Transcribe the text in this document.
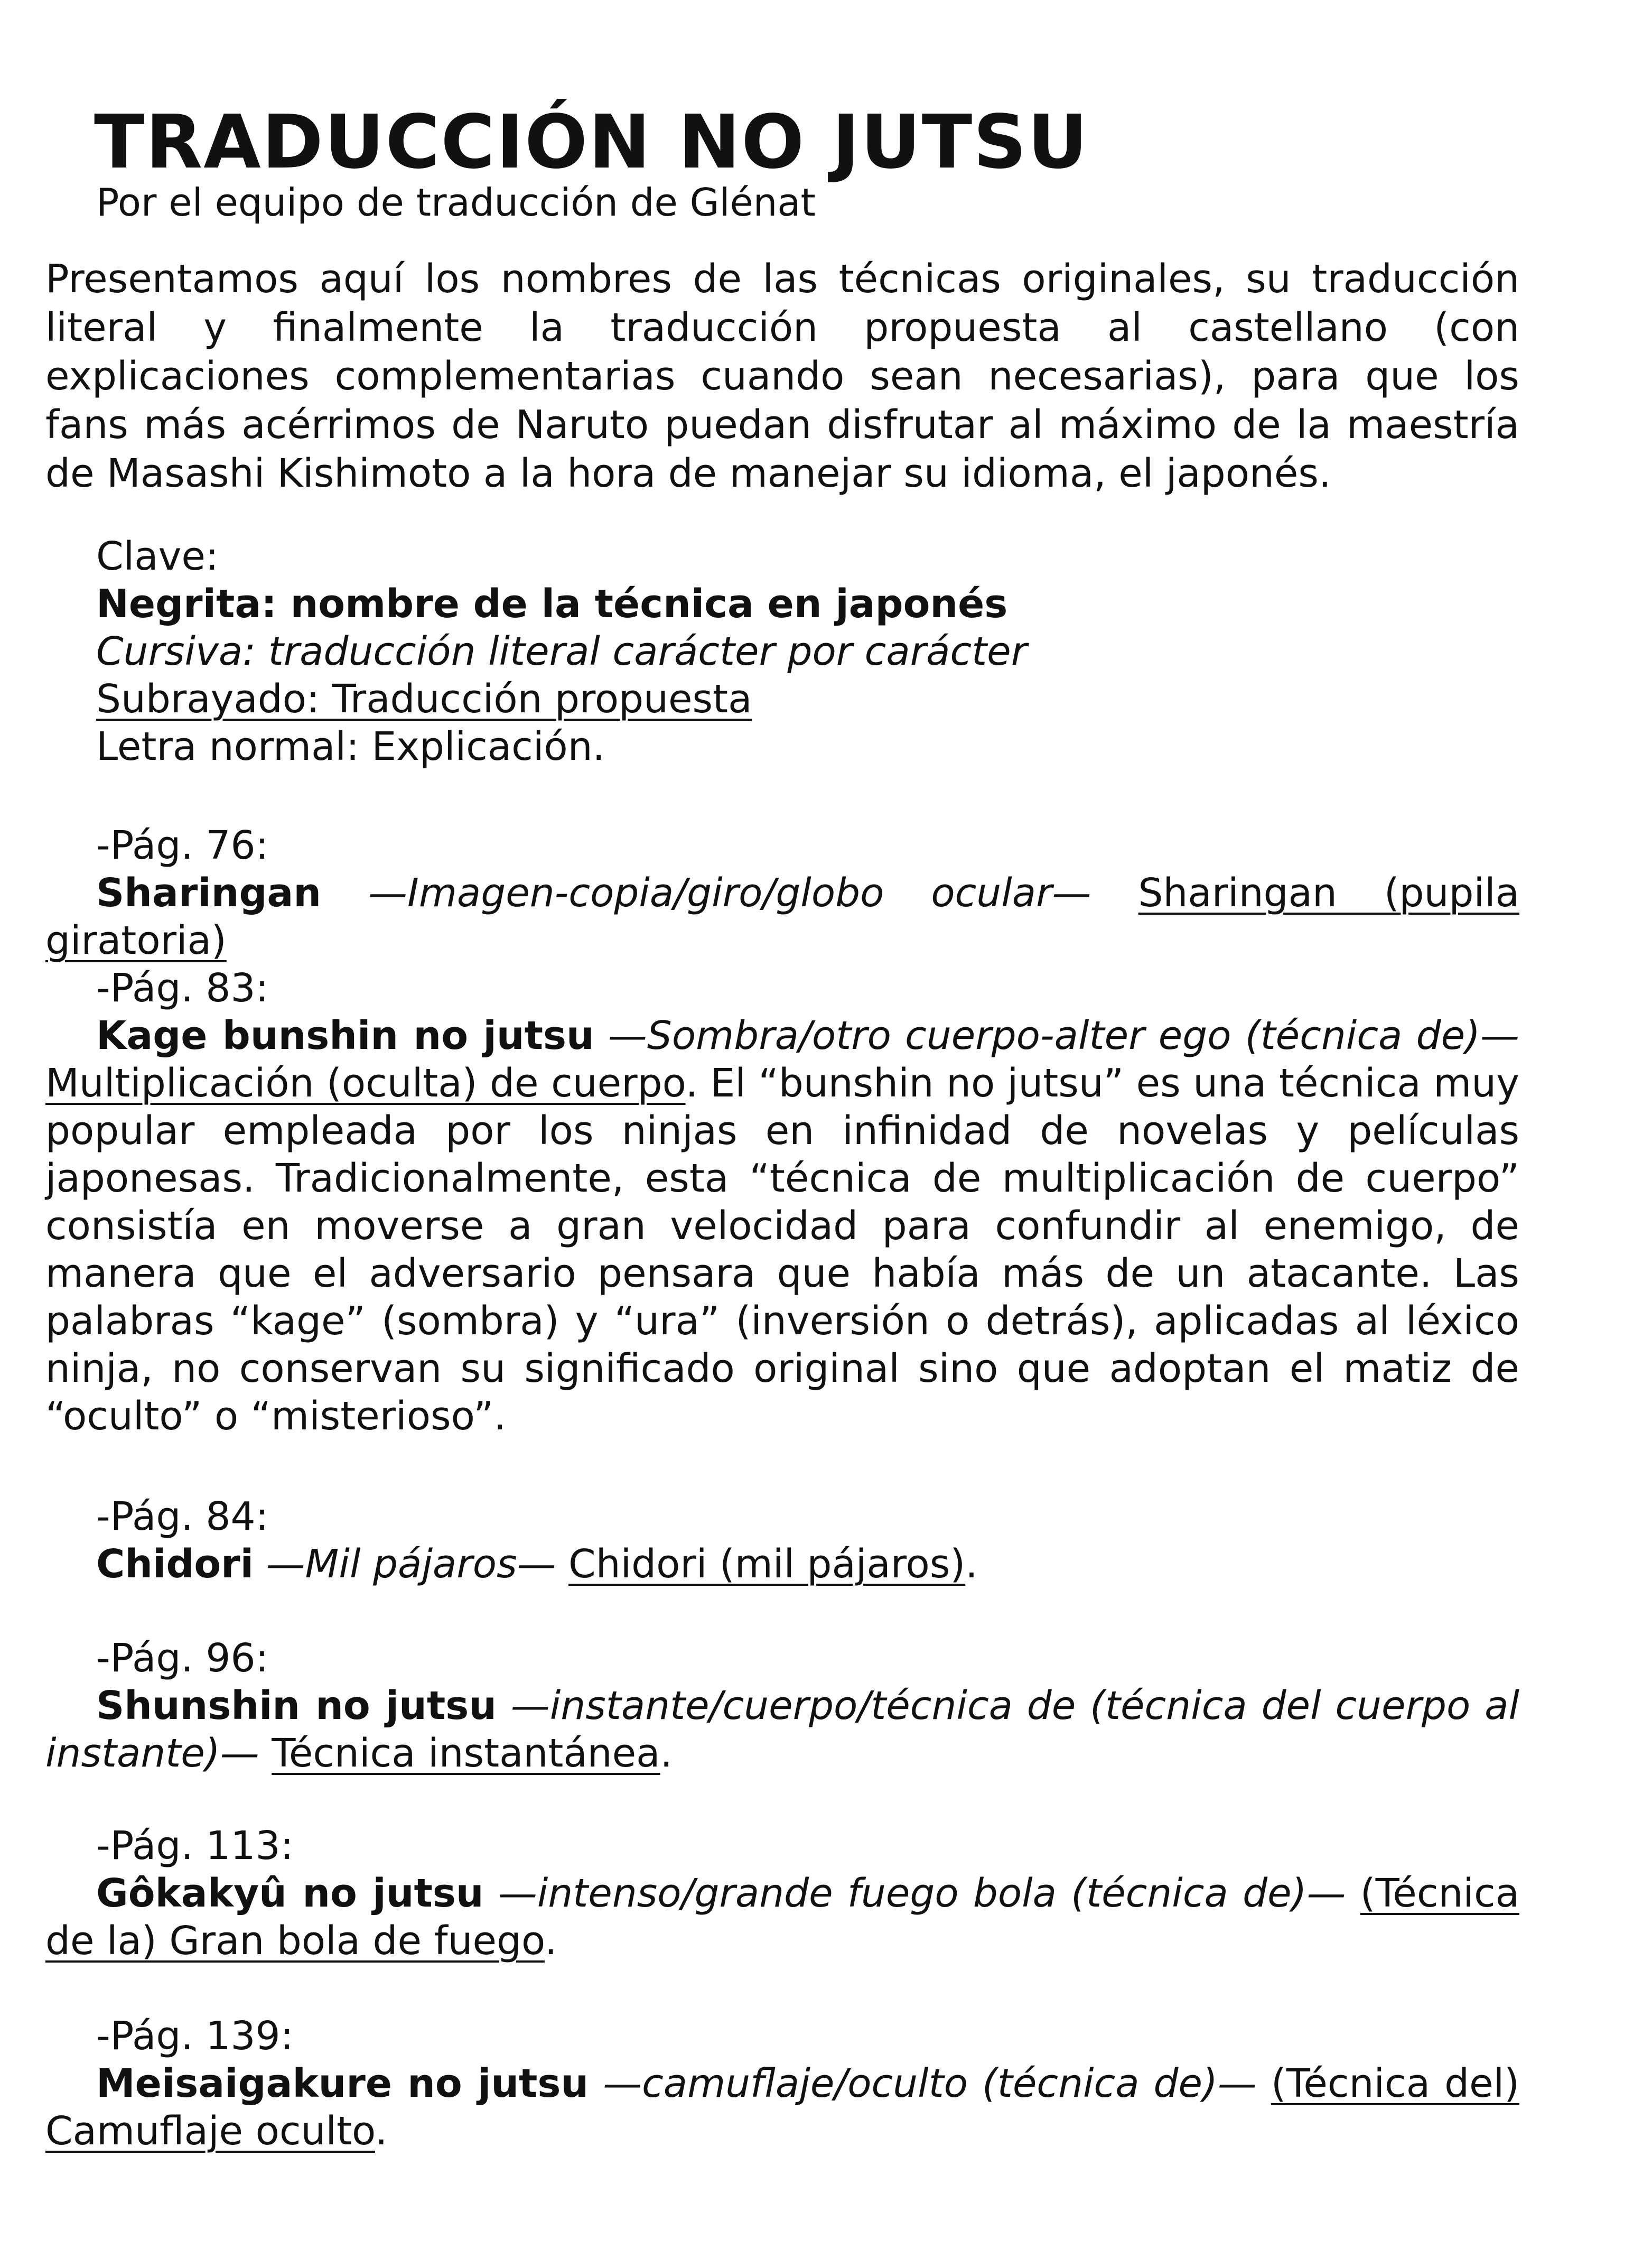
TRADUCCIÓN NO JUTSU
Por el equipo de traducción de Glénat

Presentamos aquí los nombres de las técnicas originales, su traducción literal y finalmente la traducción propuesta al castellano (con explicaciones complementarias cuando sean necesarias), para que los fans más acérrimos de Naruto puedan disfrutar al máximo de la maestría de Masashi Kishimoto a la hora de manejar su idioma, el japonés.

Clave:
Negrita: nombre de la técnica en japonés
Cursiva: traducción literal carácter por carácter
Subrayado: Traducción propuesta
Letra normal: Explicación.
-Pág. 76:
Sharingan —Imagen-copia/giro/globo ocular— Sharingan (pupila giratoria)
-Pág. 83:
Kage bunshin no jutsu —Sombra/otro cuerpo-alter ego (técnica de)— Multiplicación (oculta) de cuerpo. El “bunshin no jutsu” es una técnica muy popular empleada por los ninjas en infinidad de novelas y películas japonesas. Tradicionalmente, esta “técnica de multiplicación de cuerpo” consistía en moverse a gran velocidad para confundir al enemigo, de manera que el adversario pensara que había más de un atacante. Las palabras “kage” (sombra) y “ura” (inversión o detrás), aplicadas al léxico ninja, no conservan su significado original sino que adoptan el matiz de “oculto” o “misterioso”.
-Pág. 84:
Chidori —Mil pájaros— Chidori (mil pájaros).
-Pág. 96:
Shunshin no jutsu —instante/cuerpo/técnica de (técnica del cuerpo al instante)— Técnica instantánea.
-Pág. 113:
Gôkakyû no jutsu —intenso/grande fuego bola (técnica de)— (Técnica de la) Gran bola de fuego.
-Pág. 139:
Meisaigakure no jutsu —camuflaje/oculto (técnica de)— (Técnica del) Camuflaje oculto.
